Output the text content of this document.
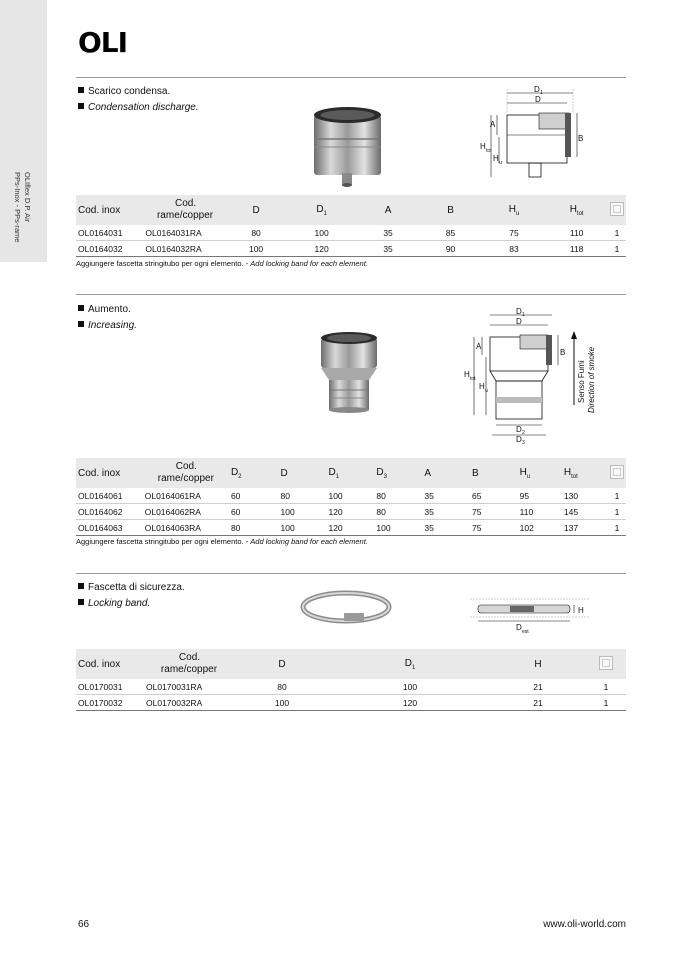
OLIflex D.P. Air
PPs-Inox - PPs-rame
OLI
Scarico condensa.
Condensation discharge.
D 1
D
A
H tot
H u
B
Cod. inox	Cod.
rame/copper	D	$D_1$	A	B	$H_u$	$H_{tot}$	
OL0164031	OL0164031RA	80	100	35	85	75	110	1
OL0164032	OL0164032RA	100	120	35	90	83	118	1
Aggiungere fascetta stringitubo per ogni elemento. - Add locking band for each element.
Aumento.
Increasing.
D 1
D
D 2
D 3
A
H tot
H u
B
Senso Fumi Direction of smoke
Cod. inox	Cod.
rame/copper	$D_2$	D	$D_1$	$D_3$	A	B	$H_u$	$H_{tot}$	
OL0164061	OL0164061RA	60	80	100	80	35	65	95	130	1
OL0164062	OL0164062RA	60	100	120	80	35	75	110	145	1
OL0164063	OL0164063RA	80	100	120	100	35	75	102	137	1
Aggiungere fascetta stringitubo per ogni elemento. - Add locking band for each element.
Fascetta di sicurezza.
Locking band.
H
D est
Cod. inox	Cod.
rame/copper	D	$D_1$	H	
OL0170031	OL0170031RA	80	100	21	1
OL0170032	OL0170032RA	100	120	21	1
66	www.oli-world.com
